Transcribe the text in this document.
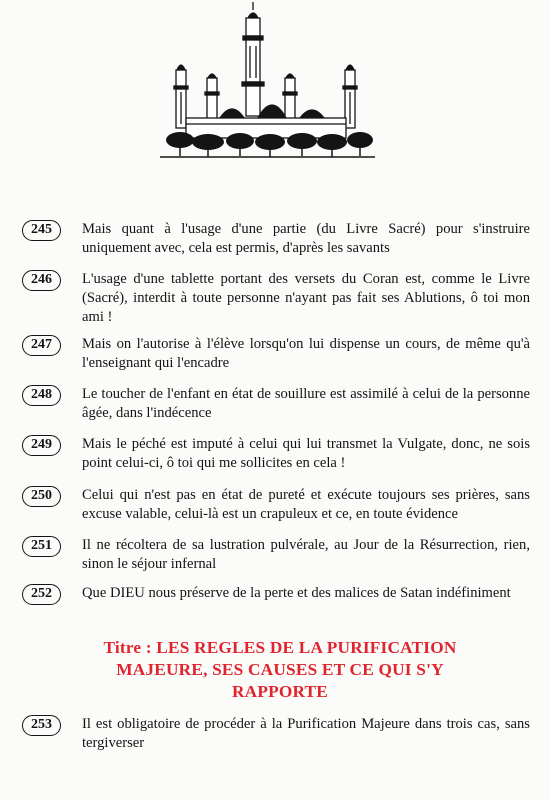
245	Mais quant à l'usage d'une partie (du Livre Sacré) pour s'instruire uniquement avec, cela est permis, d'après les savants
246	L'usage d'une tablette portant des versets du Coran est, comme le Livre (Sacré), interdit à toute personne n'ayant pas fait ses Ablutions, ô toi mon ami !
247	Mais on l'autorise à l'élève lorsqu'on lui dispense un cours, de même qu'à l'enseignant qui l'encadre
248	Le toucher de l'enfant en état de souillure est assimilé à celui de la personne âgée, dans l'indécence
249	Mais le péché est imputé à celui qui lui transmet la Vulgate, donc, ne sois point celui-ci, ô toi qui me sollicites en cela !
250	Celui qui n'est pas en état de pureté et exécute toujours ses prières, sans excuse valable, celui-là est un crapuleux et ce, en toute évidence
251	Il ne récoltera de sa lustration pulvérale, au Jour de la Résurrection, rien, sinon le séjour infernal
252	Que DIEU nous préserve de la perte et des malices de Satan indéfiniment
Titre : LES REGLES DE LA PURIFICATION
MAJEURE, SES CAUSES ET CE QUI S'Y
RAPPORTE
253	Il est obligatoire de procéder à la Purification Majeure dans trois cas, sans tergiverser
